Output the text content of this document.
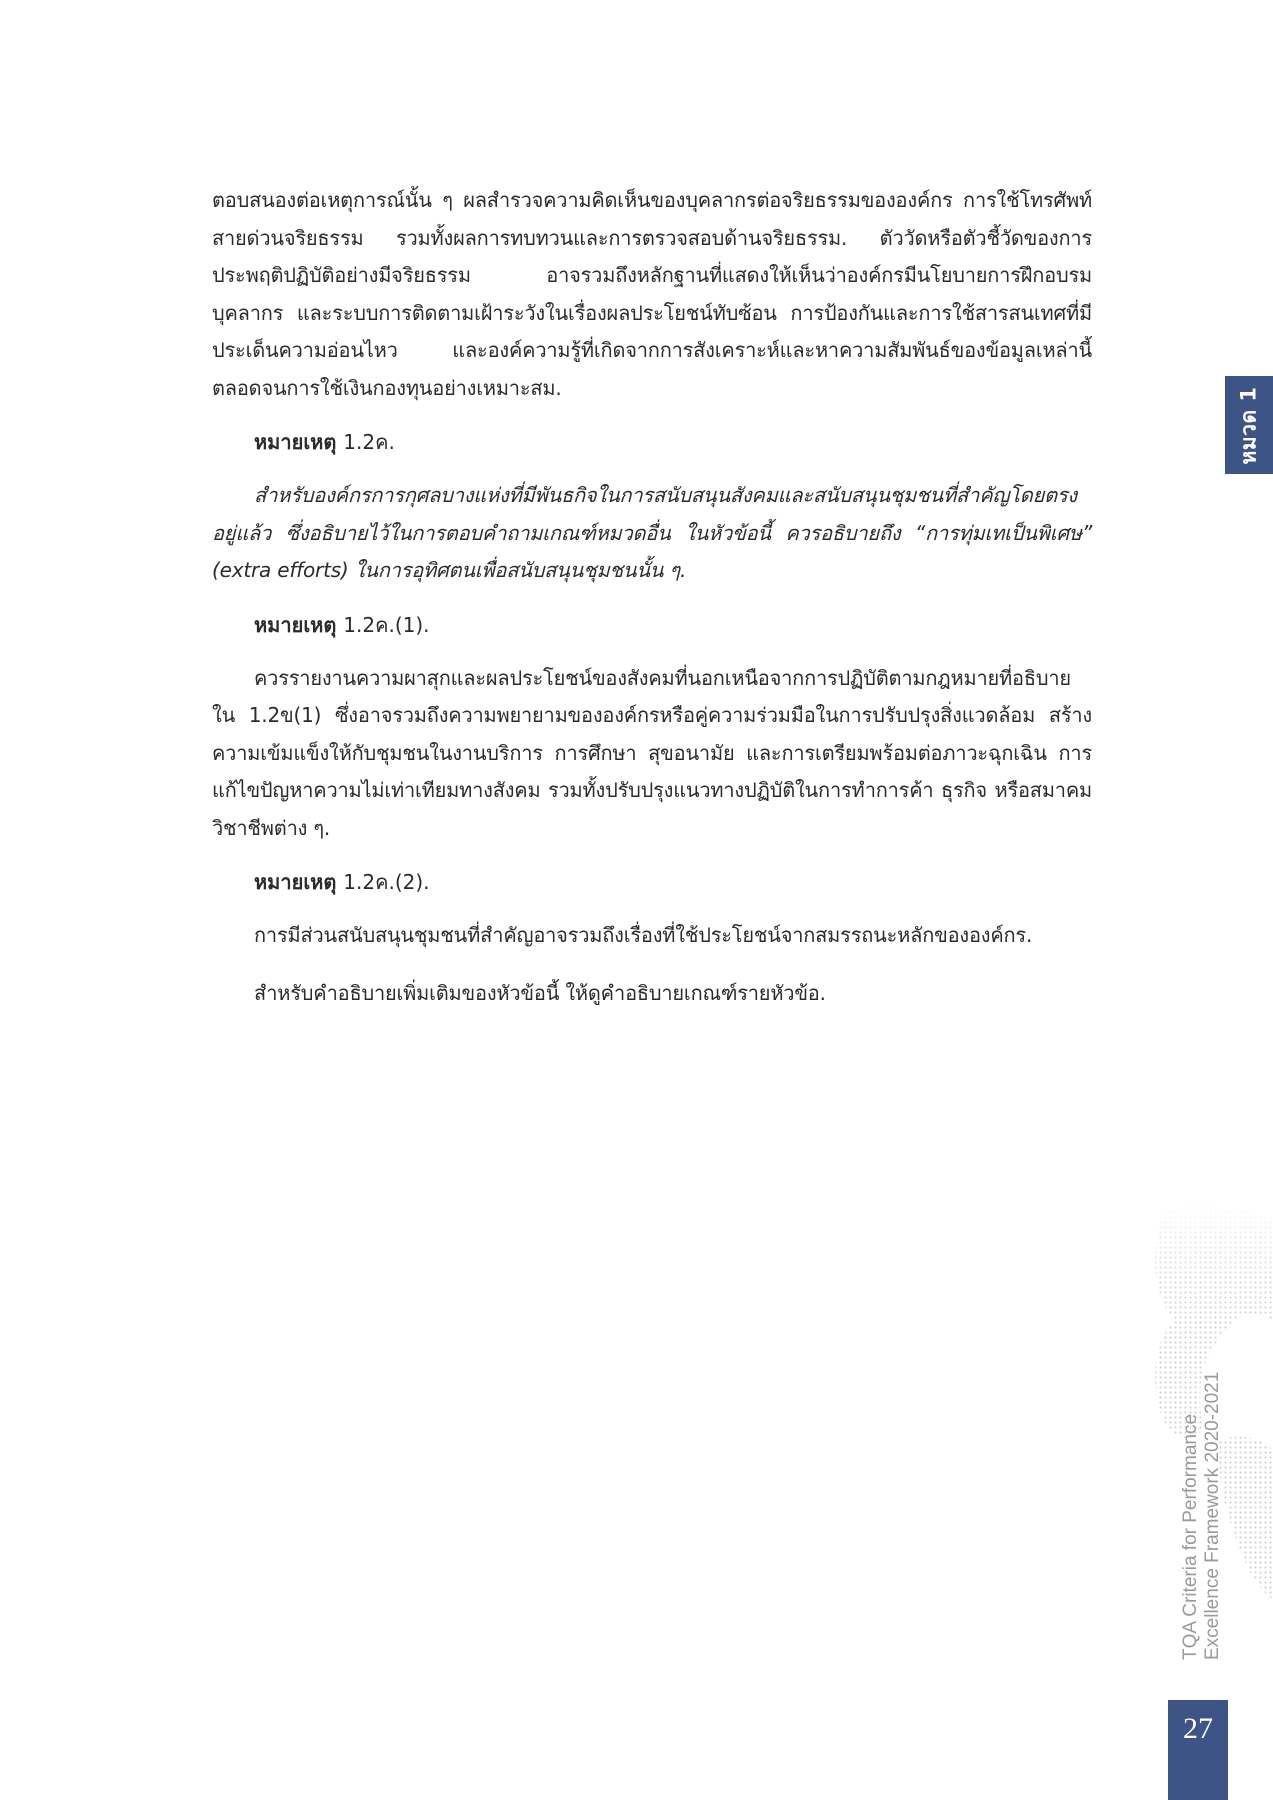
ตอบสนองต่อเหตุการณ์นั้น ๆ ผลสำรวจความคิดเห็นของบุคลากรต่อจริยธรรมขององค์กร การใช้โทรศัพท์สายด่วนจริยธรรม รวมทั้งผลการทบทวนและการตรวจสอบด้านจริยธรรม. ตัววัดหรือตัวชี้วัดของการประพฤติปฏิบัติอย่างมีจริยธรรม อาจรวมถึงหลักฐานที่แสดงให้เห็นว่าองค์กรมีนโยบายการฝึกอบรมบุคลากร และระบบการติดตามเฝ้าระวังในเรื่องผลประโยชน์ทับซ้อน การป้องกันและการใช้สารสนเทศที่มีประเด็นความอ่อนไหว และองค์ความรู้ที่เกิดจากการสังเคราะห์และหาความสัมพันธ์ของข้อมูลเหล่านี้ ตลอดจนการใช้เงินกองทุนอย่างเหมาะสม.

หมายเหตุ 1.2ค.

สำหรับองค์กรการกุศลบางแห่งที่มีพันธกิจในการสนับสนุนสังคมและสนับสนุนชุมชนที่สำคัญโดยตรงอยู่แล้ว ซึ่งอธิบายไว้ในการตอบคำถามเกณฑ์หมวดอื่น ในหัวข้อนี้ ควรอธิบายถึง “การทุ่มเทเป็นพิเศษ” (extra efforts) ในการอุทิศตนเพื่อสนับสนุนชุมชนนั้น ๆ.

หมายเหตุ 1.2ค.(1).

ควรรายงานความผาสุกและผลประโยชน์ของสังคมที่นอกเหนือจากการปฏิบัติตามกฎหมายที่อธิบายใน 1.2ข(1) ซึ่งอาจรวมถึงความพยายามขององค์กรหรือคู่ความร่วมมือในการปรับปรุงสิ่งแวดล้อม สร้างความเข้มแข็งให้กับชุมชนในงานบริการ การศึกษา สุขอนามัย และการเตรียมพร้อมต่อภาวะฉุกเฉิน การแก้ไขปัญหาความไม่เท่าเทียมทางสังคม รวมทั้งปรับปรุงแนวทางปฏิบัติในการทำการค้า ธุรกิจ หรือสมาคมวิชาชีพต่าง ๆ.

หมายเหตุ 1.2ค.(2).

การมีส่วนสนับสนุนชุมชนที่สำคัญอาจรวมถึงเรื่องที่ใช้ประโยชน์จากสมรรถนะหลักขององค์กร.

สำหรับคำอธิบายเพิ่มเติมของหัวข้อนี้ ให้ดูคำอธิบายเกณฑ์รายหัวข้อ.

หมวด 1
TQA Criteria for Performance Excellence Framework 2020-2021
27
